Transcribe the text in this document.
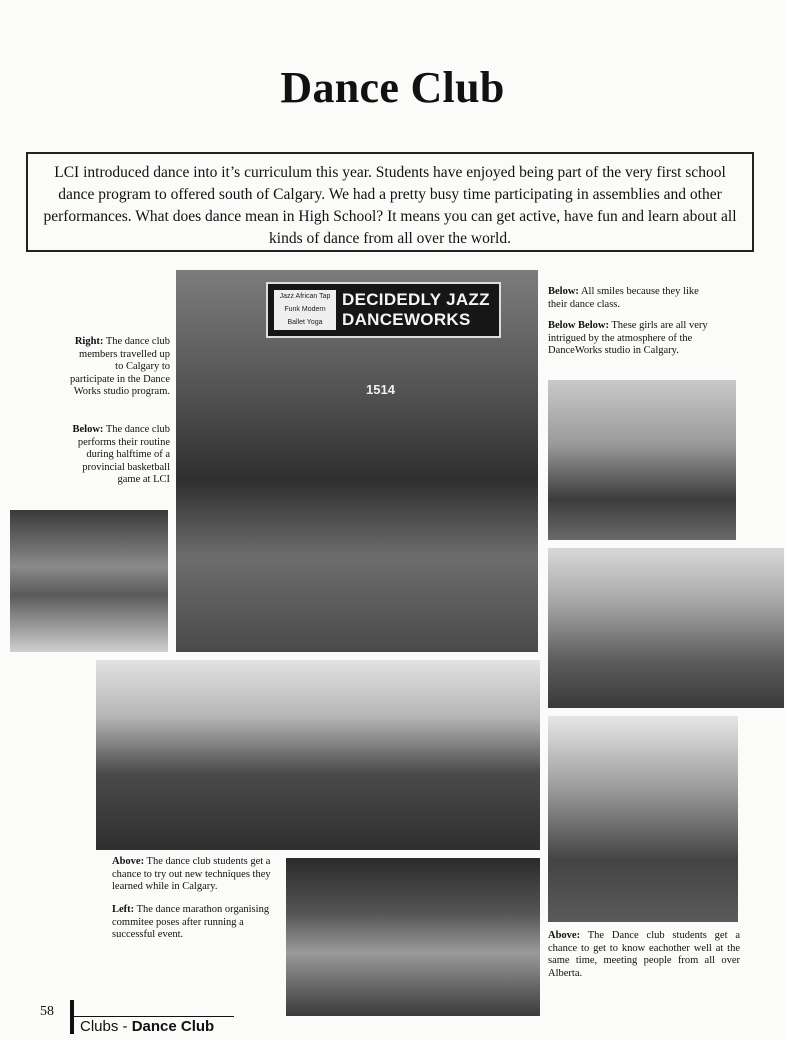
Dance Club
LCI introduced dance into it’s curriculum this year. Students have enjoyed being part of the very first school dance program to offered south of Calgary. We had a pretty busy time participating in assemblies and other performances. What does dance mean in High School? It means you can get active, have fun and learn about all kinds of dance from all over the world.
Jazz African Tap
Funk Modern
Ballet Yoga
DECIDEDLY JAZZ
DANCEWORKS
1514
Right: The dance club members travelled up to Calgary to participate in the Dance Works studio program.
Below: The dance club performs their routine during halftime of a provincial basketball game at LCI
Below: All smiles because they like their dance class.
Below Below: These girls are all very intrigued by the atmosphere of the DanceWorks studio in Calgary.
Above: The dance club students get a chance to try out new techniques they learned while in Calgary.
Left: The dance marathon organising commitee poses after running a successful event.	Above: The Dance club students get a chance to get to know eachother well at the same time, meeting people from all over Alberta.
58
Clubs - Dance Club
